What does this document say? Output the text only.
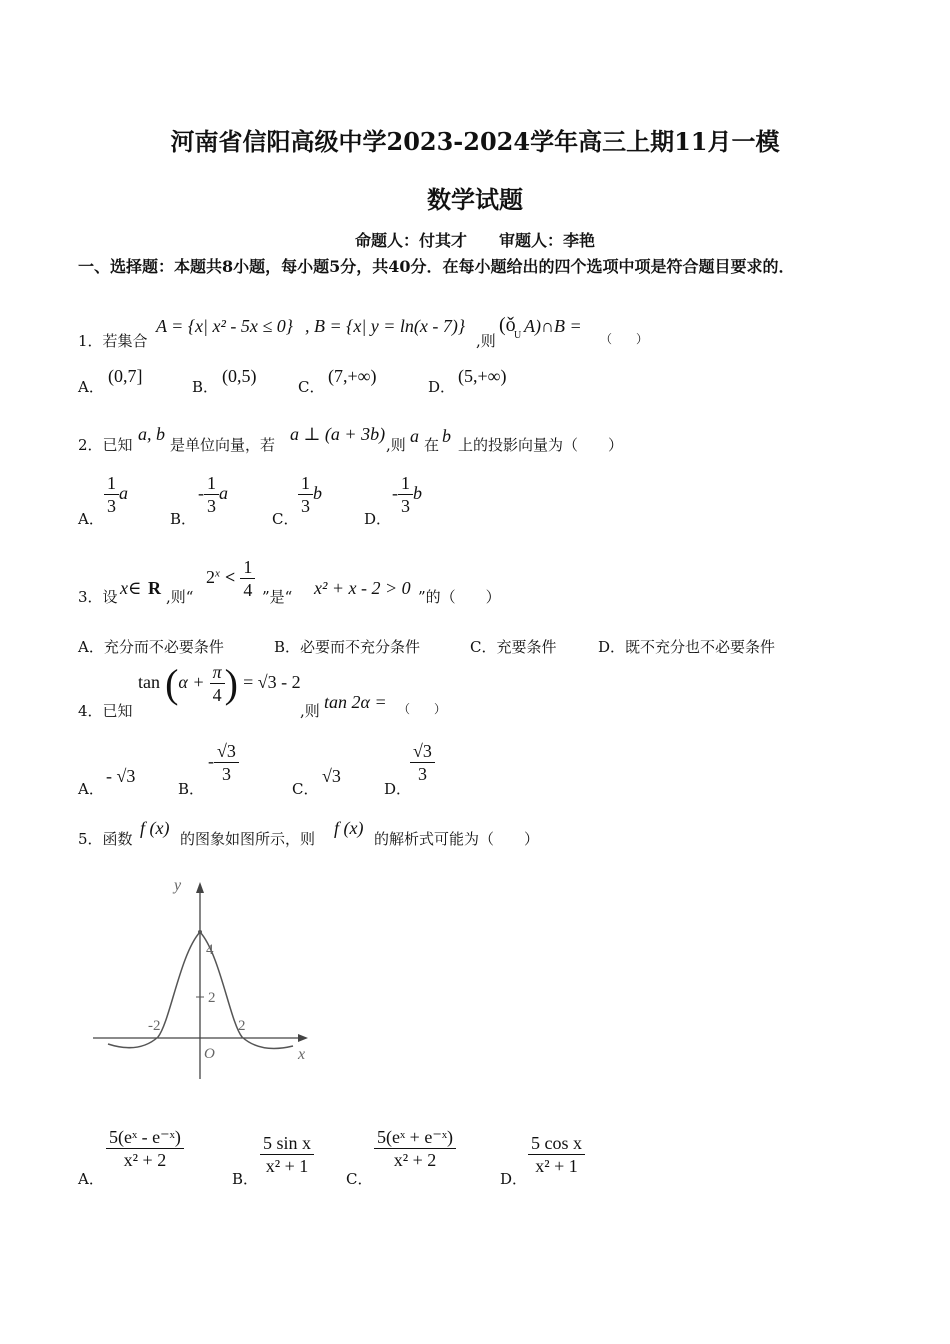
河南省信阳高级中学2023-2024学年高三上期11月一模
数学试题
命题人：付其才　　审题人：李艳
一、选择题：本题共8小题，每小题5分，共40分．在每小题给出的四个选项中项是符合题目要求的．
1．若集合
A = {x| x² - 5x ≤ 0} , B = {x| y = ln(x - 7)}
,则
(ǒ
U A)∩B =
（　　）
A．
(0,7]
B．
(0,5)
C．
(7,+∞)
D．
(5,+∞)
2．已知
a, b
是单位向量，若
a ⊥ (a + 3b)
,则 a 在 b 上的投影向量为（　　）
A．
$\frac{1}{3}$ a
B．
- $\frac{1}{3}$ a
C．
$\frac{1}{3}$ b
D．
- $\frac{1}{3}$ b
3．设 x∈ R ,则“
$2^x < \frac{1}{4}$ ”是“ x² + x - 2 > 0 ”的（　　）
A．充分而不必要条件	B．必要而不充分条件	C．充要条件	D．既不充分也不必要条件
4．已知
$\tan (\alpha + \frac{\pi}{4}$ ) = √3 - 2
,则 tan 2α = （　　）
A．
- √3
B．
- $\frac{√3}{3}$
C．
√3
D．
$\frac{√3}{3}$
5．函数
f (x)
的图象如图所示，则
f (x)
的解析式可能为（　　）
y
x
O
4
2
-2	2
A．
$\frac{\text{5(eˣ - e⁻ˣ)}}{\text{x² + 2}}$
B．
$\frac{\text{5 sin x}}{\text{x² + 1}}$
C．
$\frac{\text{5(eˣ + e⁻ˣ)}}{\text{x² + 2}}$
D．
$\frac{\text{5 cos x}}{\text{x² + 1}}$
